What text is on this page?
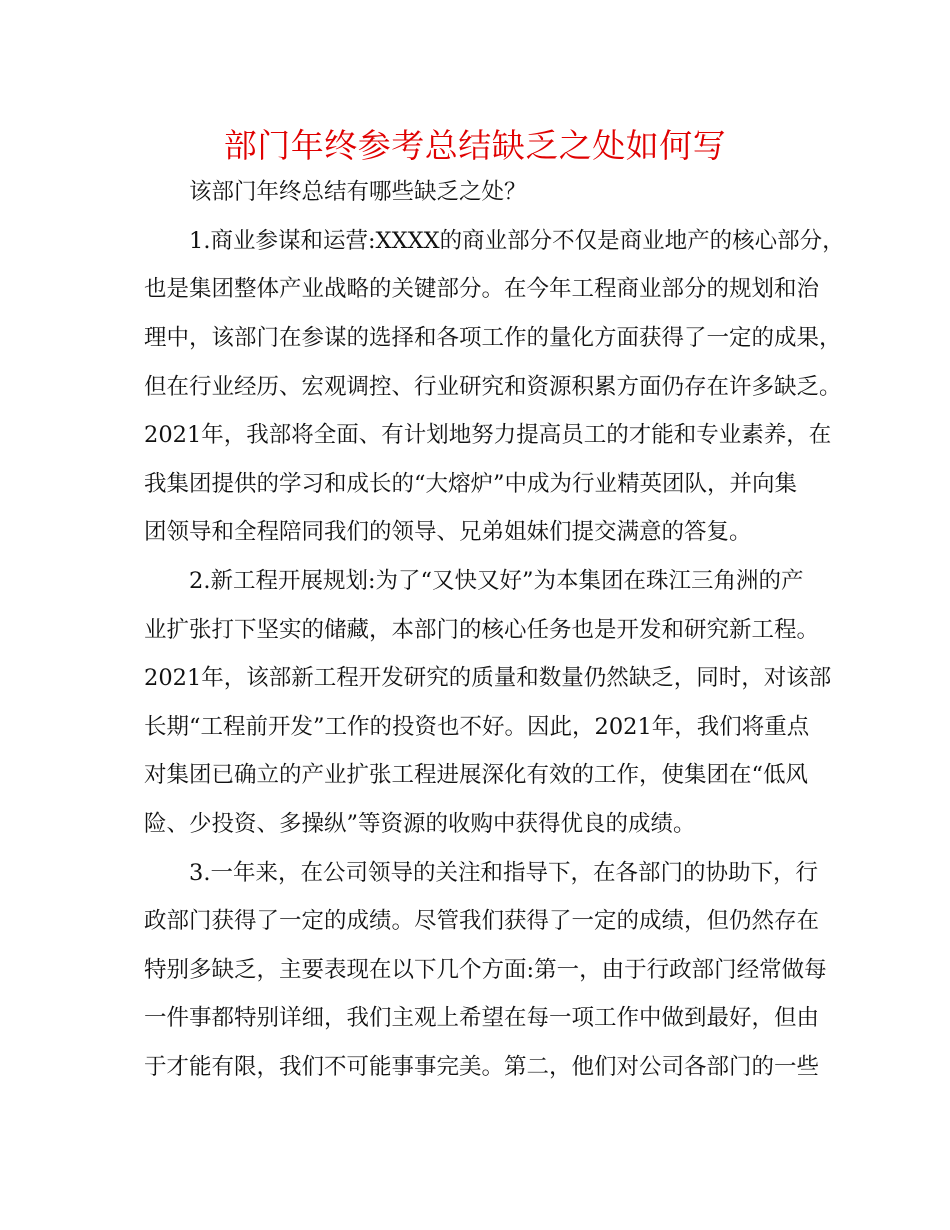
部门年终参考总结缺乏之处如何写

该部门年终总结有哪些缺乏之处？

1.商业参谋和运营:XXXX的商业部分不仅是商业地产的核心部分，

也是集团整体产业战略的关键部分。在今年工程商业部分的规划和治

理中，该部门在参谋的选择和各项工作的量化方面获得了一定的成果，

但在行业经历、宏观调控、行业研究和资源积累方面仍存在许多缺乏。

2021年，我部将全面、有计划地努力提高员工的才能和专业素养，在

我集团提供的学习和成长的“大熔炉”中成为行业精英团队，并向集

团领导和全程陪同我们的领导、兄弟姐妹们提交满意的答复。

2.新工程开展规划:为了“又快又好”为本集团在珠江三角洲的产

业扩张打下坚实的储藏，本部门的核心任务也是开发和研究新工程。

2021年，该部新工程开发研究的质量和数量仍然缺乏，同时，对该部

长期“工程前开发”工作的投资也不好。因此，2021年，我们将重点

对集团已确立的产业扩张工程进展深化有效的工作，使集团在“低风

险、少投资、多操纵”等资源的收购中获得优良的成绩。

3.一年来，在公司领导的关注和指导下，在各部门的协助下，行

政部门获得了一定的成绩。尽管我们获得了一定的成绩，但仍然存在

特别多缺乏，主要表现在以下几个方面:第一，由于行政部门经常做每

一件事都特别详细，我们主观上希望在每一项工作中做到最好，但由

于才能有限，我们不可能事事完美。第二，他们对公司各部门的一些
